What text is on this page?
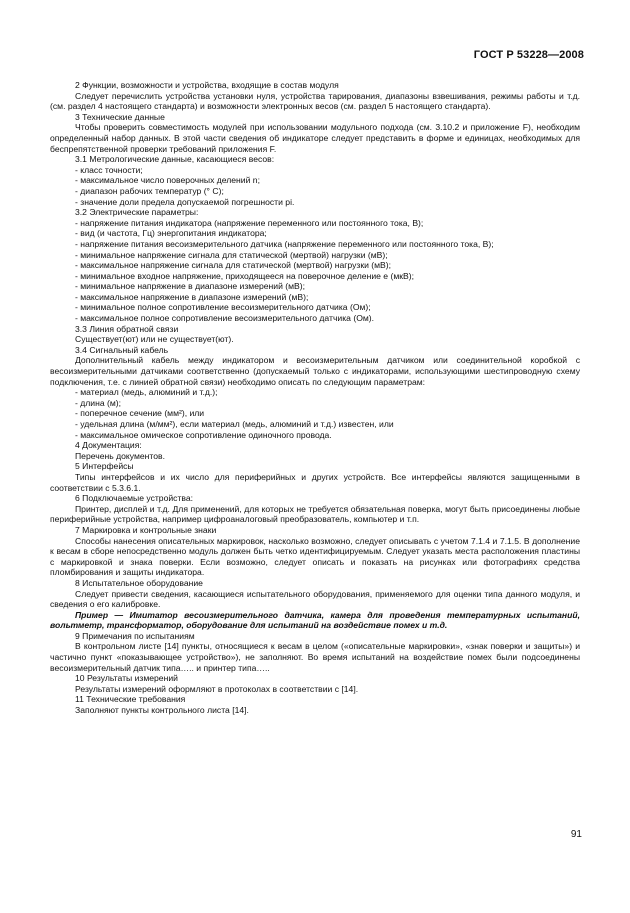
ГОСТ Р 53228—2008

2 Функции, возможности и устройства, входящие в состав модуля

Следует перечислить устройства установки нуля, устройства тарирования, диапазоны взвешивания, режимы работы и т.д. (см. раздел 4 настоящего стандарта) и возможности электронных весов (см. раздел 5 настоящего стандарта).

3 Технические данные

Чтобы проверить совместимость модулей при использовании модульного подхода (см. 3.10.2 и приложение F), необходим определенный набор данных. В этой части сведения об индикаторе следует представить в форме и единицах, необходимых для беспрепятственной проверки требований приложения F.

3.1 Метрологические данные, касающиеся весов:

- класс точности;

- максимальное число поверочных делений n;

- диапазон рабочих температур (° C);

- значение доли предела допускаемой погрешности pi.

3.2 Электрические параметры:

- напряжение питания индикатора (напряжение переменного или постоянного тока, В);

- вид (и частота, Гц) энергопитания индикатора;

- напряжение питания весоизмерительного датчика (напряжение переменного или постоянного тока, В);

- минимальное напряжение сигнала для статической (мертвой) нагрузки (мВ);

- максимальное напряжение сигнала для статической (мертвой) нагрузки (мВ);

- минимальное входное напряжение, приходящееся на поверочное деление e (мкВ);

- минимальное напряжение в диапазоне измерений (мВ);

- максимальное напряжение в диапазоне измерений (мВ);

- минимальное полное сопротивление весоизмерительного датчика (Ом);

- максимальное полное сопротивление весоизмерительного датчика (Ом).

3.3 Линия обратной связи

Существует(ют) или не существует(ют).

3.4 Сигнальный кабель

Дополнительный кабель между индикатором и весоизмерительным датчиком или соединительной коробкой с весоизмерительными датчиками соответственно (допускаемый только с индикаторами, использующими шестипроводную схему подключения, т.е. с линией обратной связи) необходимо описать по следующим параметрам:

- материал (медь, алюминий и т.д.);

- длина (м);

- поперечное сечение (мм²), или

- удельная длина (м/мм²), если материал (медь, алюминий и т.д.) известен, или

- максимальное омическое сопротивление одиночного провода.

4 Документация:

Перечень документов.

5 Интерфейсы

Типы интерфейсов и их число для периферийных и других устройств. Все интерфейсы являются защищенными в соответствии с 5.3.6.1.

6 Подключаемые устройства:

Принтер, дисплей и т.д. Для применений, для которых не требуется обязательная поверка, могут быть присоединены любые периферийные устройства, например цифроаналоговый преобразователь, компьютер и т.п.

7 Маркировка и контрольные знаки

Способы нанесения описательных маркировок, насколько возможно, следует описывать с учетом 7.1.4 и 7.1.5. В дополнение к весам в сборе непосредственно модуль должен быть четко идентифицируемым. Следует указать места расположения пластины с маркировкой и знака поверки. Если возможно, следует описать и показать на рисунках или фотографиях средства пломбирования и защиты индикатора.

8 Испытательное оборудование

Следует привести сведения, касающиеся испытательного оборудования, применяемого для оценки типа данного модуля, и сведения о его калибровке.

Пример — Имитатор весоизмерительного датчика, камера для проведения температурных испытаний, вольтметр, трансформатор, оборудование для испытаний на воздействие помех и т.д.

9 Примечания по испытаниям

В контрольном листе [14] пункты, относящиеся к весам в целом («описательные маркировки», «знак поверки и защиты») и частично пункт «показывающее устройство»), не заполняют. Во время испытаний на воздействие помех были подсоединены весоизмерительный датчик типа….. и принтер типа…..

10 Результаты измерений

Результаты измерений оформляют в протоколах в соответствии с [14].

11 Технические требования

Заполняют пункты контрольного листа [14].

91
